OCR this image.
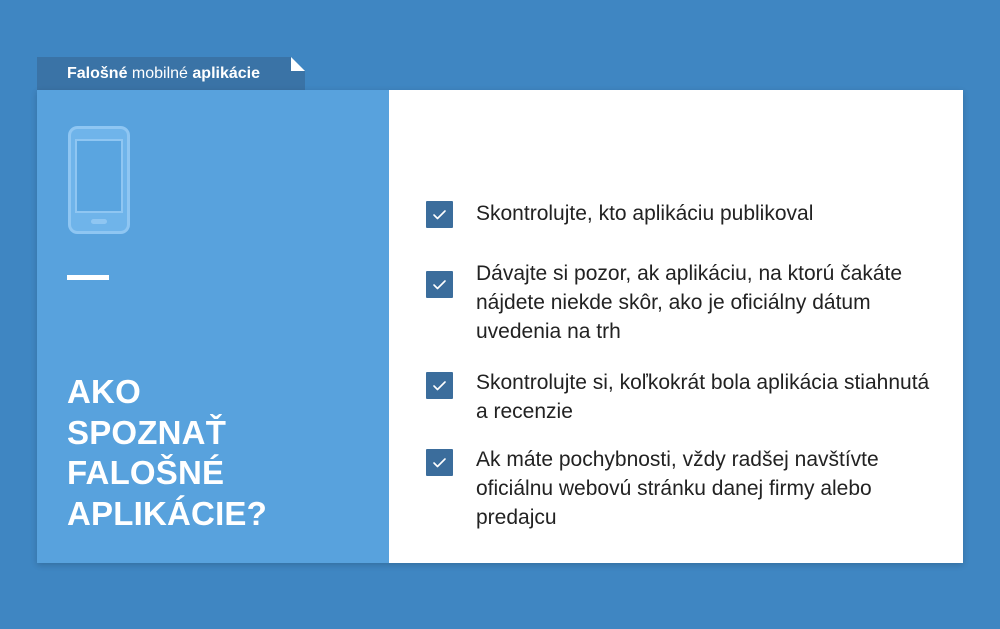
Falošné mobilné aplikácie
AKO
SPOZNAŤ
FALOŠNÉ
APLIKÁCIE?
Skontrolujte, kto aplikáciu publikoval
Dávajte si pozor, ak aplikáciu, na ktorú čakáte nájdete niekde skôr, ako je oficiálny dátum uvedenia na trh
Skontrolujte si, koľkokrát bola aplikácia stiahnutá a recenzie
Ak máte pochybnosti, vždy radšej navštívte oficiálnu webovú stránku danej firmy alebo predajcu
